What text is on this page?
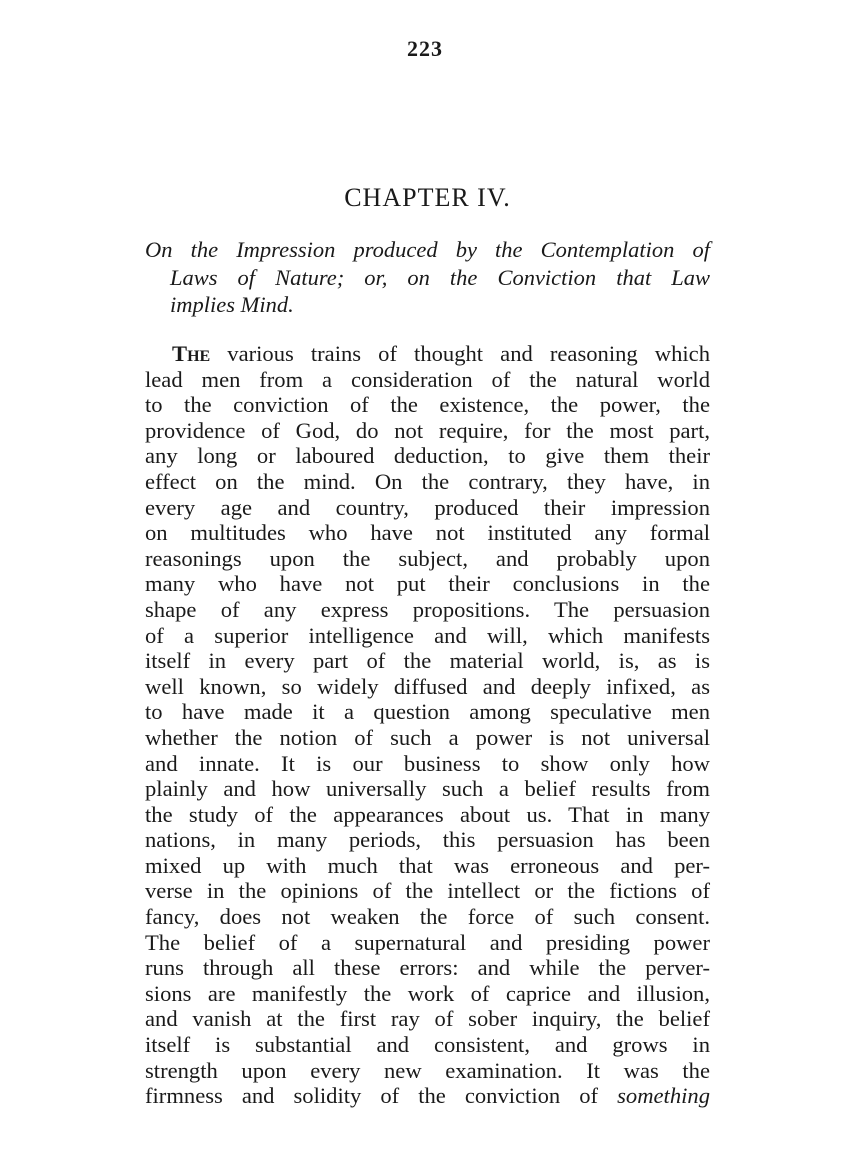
223
CHAPTER IV.
On the Impression produced by the Contemplation of
Laws of Nature; or, on the Conviction that Law
implies Mind.
The various trains of thought and reasoning which
lead men from a consideration of the natural world
to the conviction of the existence, the power, the
providence of God, do not require, for the most part,
any long or laboured deduction, to give them their
effect on the mind. On the contrary, they have, in
every age and country, produced their impression
on multitudes who have not instituted any formal
reasonings upon the subject, and probably upon
many who have not put their conclusions in the
shape of any express propositions. The persuasion
of a superior intelligence and will, which manifests
itself in every part of the material world, is, as is
well known, so widely diffused and deeply infixed, as
to have made it a question among speculative men
whether the notion of such a power is not universal
and innate. It is our business to show only how
plainly and how universally such a belief results from
the study of the appearances about us. That in many
nations, in many periods, this persuasion has been
mixed up with much that was erroneous and per-
verse in the opinions of the intellect or the fictions of
fancy, does not weaken the force of such consent.
The belief of a supernatural and presiding power
runs through all these errors: and while the perver-
sions are manifestly the work of caprice and illusion,
and vanish at the first ray of sober inquiry, the belief
itself is substantial and consistent, and grows in
strength upon every new examination. It was the
firmness and solidity of the conviction of something
